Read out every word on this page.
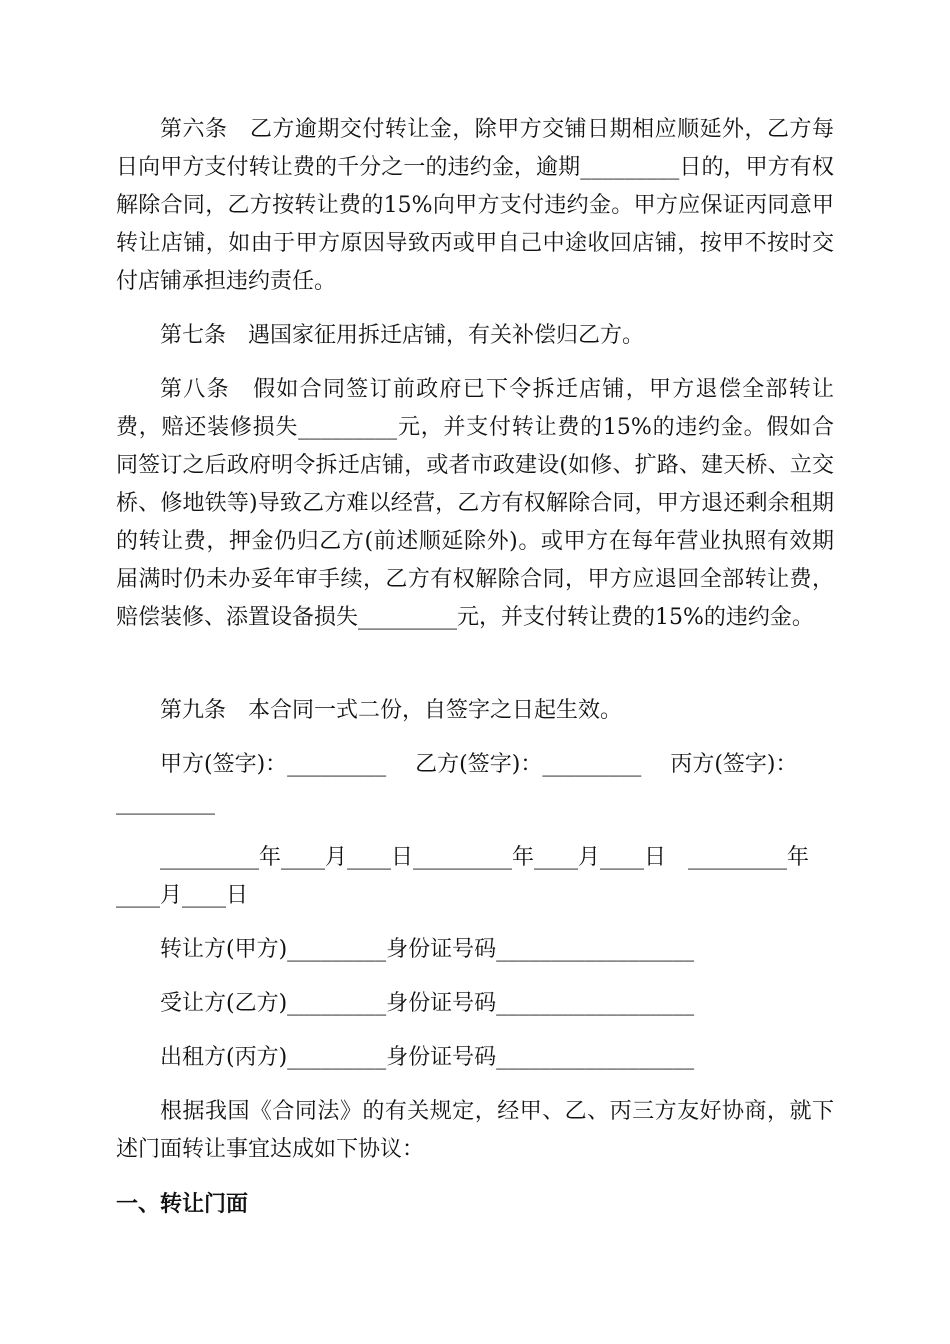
第六条　乙方逾期交付转让金，除甲方交铺日期相应顺延外，乙方每日向甲方支付转让费的千分之一的违约金，逾期_________日的，甲方有权解除合同，乙方按转让费的15%向甲方支付违约金。甲方应保证丙同意甲转让店铺，如由于甲方原因导致丙或甲自己中途收回店铺，按甲不按时交付店铺承担违约责任。

第七条　遇国家征用拆迁店铺，有关补偿归乙方。

第八条　假如合同签订前政府已下令拆迁店铺，甲方退偿全部转让费，赔还装修损失_________元，并支付转让费的15%的违约金。假如合同签订之后政府明令拆迁店铺，或者市政建设(如修、扩路、建天桥、立交桥、修地铁等)导致乙方难以经营，乙方有权解除合同，甲方退还剩余租期的转让费，押金仍归乙方(前述顺延除外)。或甲方在每年营业执照有效期届满时仍未办妥年审手续，乙方有权解除合同，甲方应退回全部转让费，赔偿装修、添置设备损失_________元，并支付转让费的15%的违约金。

第九条　本合同一式二份，自签字之日起生效。

　　甲方(签字)：_________　 乙方(签字)：_________　 丙方(签字)：

_________

　　_________年____月____日_________年____月____日　_________年

____月____日

　　转让方(甲方)_________身份证号码__________________

　　受让方(乙方)_________身份证号码__________________

　　出租方(丙方)_________身份证号码__________________

根据我国《合同法》的有关规定，经甲、乙、丙三方友好协商，就下述门面转让事宜达成如下协议：

一、转让门面
